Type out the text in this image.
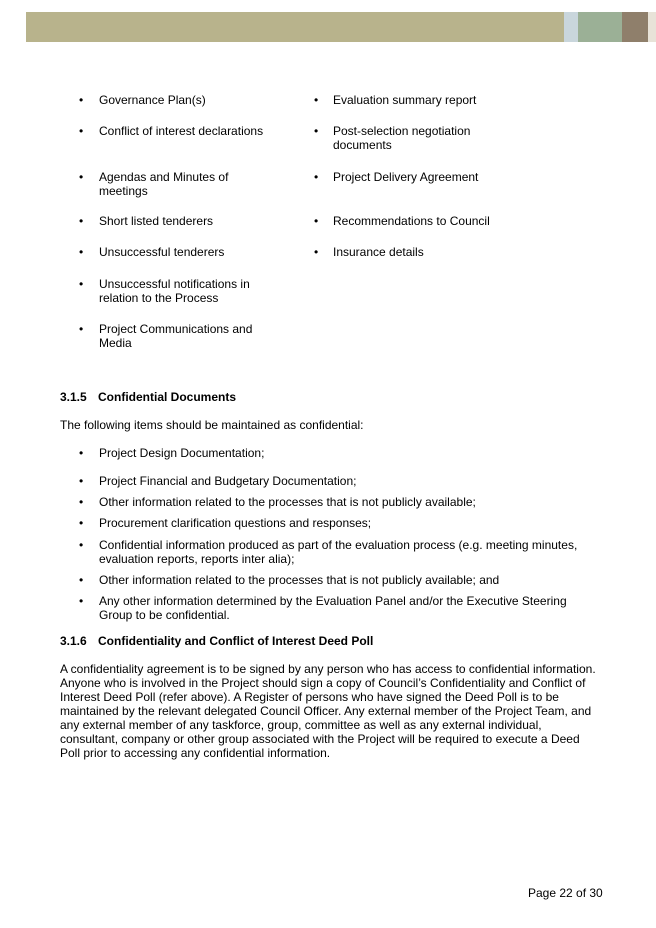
• Governance Plan(s)
• Conflict of interest declarations
• Agendas and Minutes of meetings
• Short listed tenderers
• Unsuccessful tenderers
• Unsuccessful notifications in relation to the Process
• Project Communications and Media
• Evaluation summary report
• Post-selection negotiation documents
• Project Delivery Agreement
• Recommendations to Council
• Insurance details
3.1.5 Confidential Documents
The following items should be maintained as confidential:
• Project Design Documentation;
• Project Financial and Budgetary Documentation;
• Other information related to the processes that is not publicly available;
• Procurement clarification questions and responses;
• Confidential information produced as part of the evaluation process (e.g. meeting minutes, evaluation reports, reports inter alia);
• Other information related to the processes that is not publicly available; and
• Any other information determined by the Evaluation Panel and/or the Executive Steering Group to be confidential.
3.1.6 Confidentiality and Conflict of Interest Deed Poll
A confidentiality agreement is to be signed by any person who has access to confidential information. Anyone who is involved in the Project should sign a copy of Council’s Confidentiality and Conflict of Interest Deed Poll (refer above). A Register of persons who have signed the Deed Poll is to be maintained by the relevant delegated Council Officer. Any external member of the Project Team, and any external member of any taskforce, group, committee as well as any external individual, consultant, company or other group associated with the Project will be required to execute a Deed Poll prior to accessing any confidential information.
Page 22 of 30
